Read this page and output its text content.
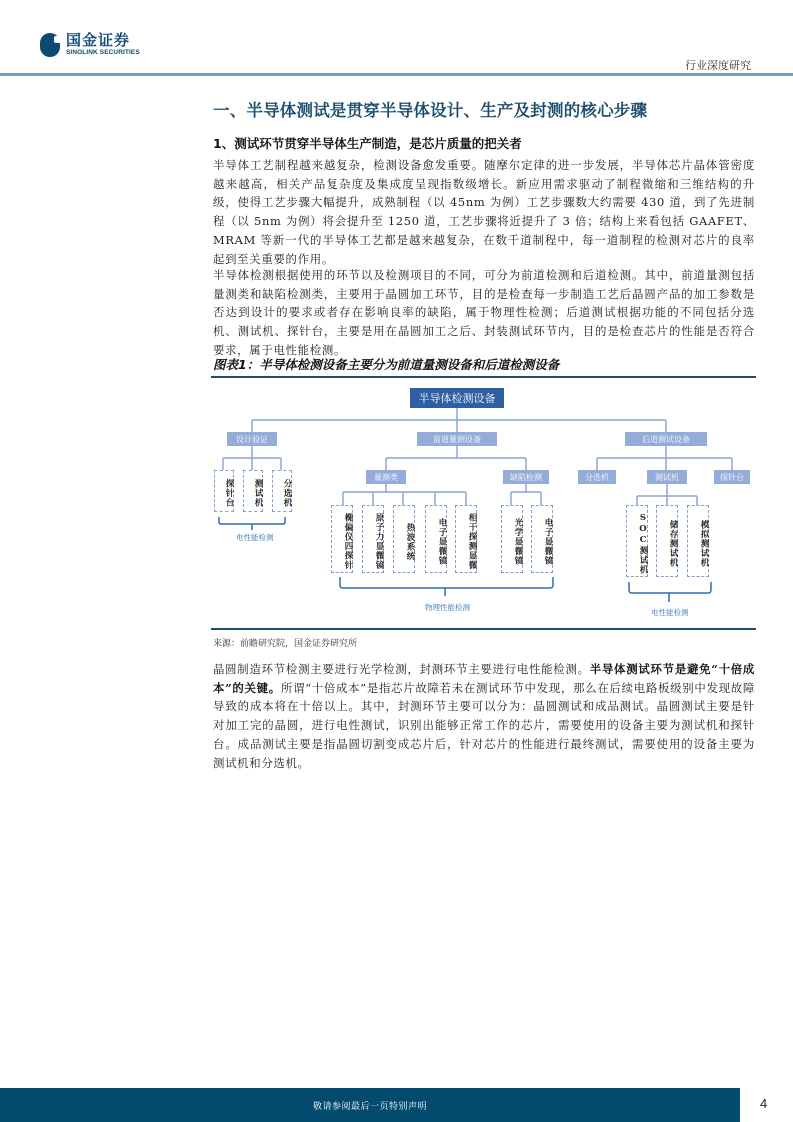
国金证券
SINOLINK SECURITIES
行业深度研究
一、半导体测试是贯穿半导体设计、生产及封测的核心步骤
1、测试环节贯穿半导体生产制造，是芯片质量的把关者

半导体工艺制程越来越复杂，检测设备愈发重要。随摩尔定律的进一步发展，半导体芯片晶体管密度越来越高，相关产品复杂度及集成度呈现指数级增长。新应用需求驱动了制程微缩和三维结构的升级，使得工艺步骤大幅提升，成熟制程（以 45nm 为例）工艺步骤数大约需要 430 道，到了先进制程（以 5nm 为例）将会提升至 1250 道，工艺步骤将近提升了 3 倍；结构上来看包括 GAAFET、MRAM 等新一代的半导体工艺都是越来越复杂，在数千道制程中，每一道制程的检测对芯片的良率起到至关重要的作用。

半导体检测根据使用的环节以及检测项目的不同，可分为前道检测和后道检测。其中，前道量测包括量测类和缺陷检测类，主要用于晶圆加工环节，目的是检查每一步制造工艺后晶圆产品的加工参数是否达到设计的要求或者存在影响良率的缺陷，属于物理性检测；后道测试根据功能的不同包括分选机、测试机、探针台，主要是用在晶圆加工之后、封装测试环节内，目的是检查芯片的性能是否符合要求，属于电性能检测。

图表1：半导体检测设备主要分为前道量测设备和后道检测设备
半导体检测设备
设计验证	前道量测设备	后道测试设备
量测类	缺陷检测	分选机	测试机	探针台
探针台	测试机	分选机
电性能检测	椭偏仪四探针	原子力显微镜	热波系统	电子显微镜	相干探测显微	光学显微镜	电子显微镜
物理性能检测
SOC测试机	储存测试机	模拟测试机
电性能检测
来源：前瞻研究院，国金证券研究所

晶圆制造环节检测主要进行光学检测，封测环节主要进行电性能检测。半导体测试环节是避免“十倍成本”的关键。所谓“十倍成本”是指芯片故障若未在测试环节中发现，那么在后续电路板级别中发现故障导致的成本将在十倍以上。其中，封测环节主要可以分为：晶圆测试和成品测试。晶圆测试主要是针对加工完的晶圆，进行电性测试，识别出能够正常工作的芯片，需要使用的设备主要为测试机和探针台。成品测试主要是指晶圆切割变成芯片后，针对芯片的性能进行最终测试，需要使用的设备主要为测试机和分选机。

敬请参阅最后一页特别声明	4
